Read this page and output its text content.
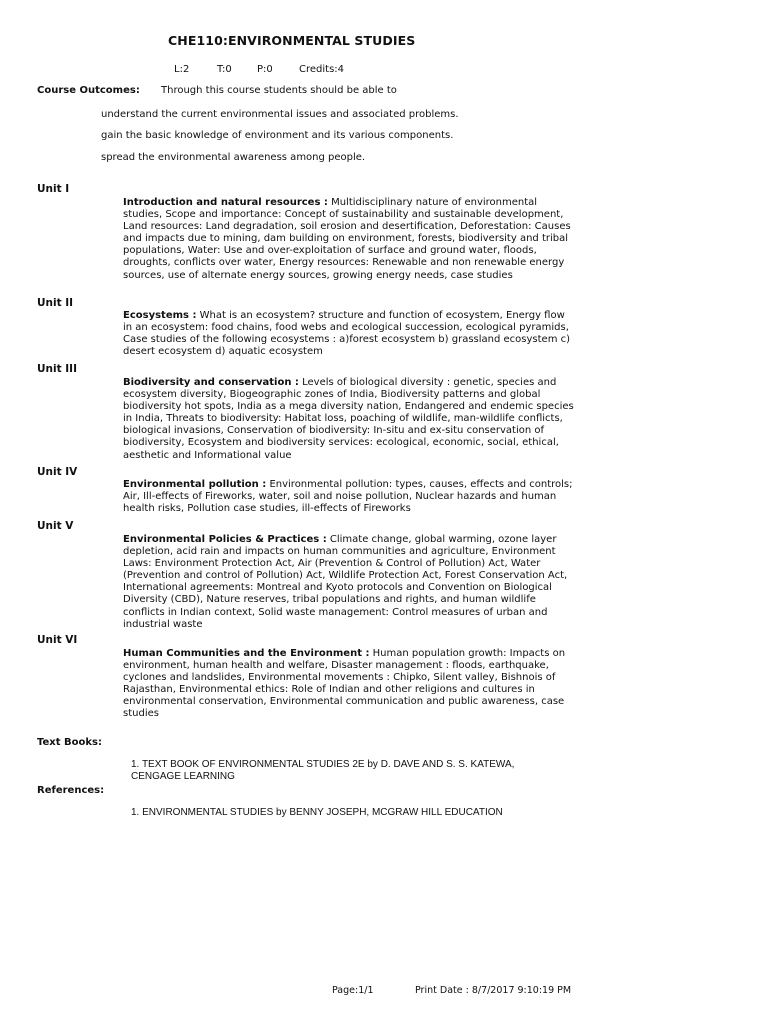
CHE110:ENVIRONMENTAL STUDIES
L:2	T:0	P:0	Credits:4
Course Outcomes: Through this course students should be able to
understand the current environmental issues and associated problems.
gain the basic knowledge of environment and its various components.
spread the environmental awareness among people.
Unit I
Introduction and natural resources : Multidisciplinary nature of environmental studies, Scope and importance: Concept of sustainability and sustainable development, Land resources: Land degradation, soil erosion and desertification, Deforestation: Causes and impacts due to mining, dam building on environment, forests, biodiversity and tribal populations, Water: Use and over-exploitation of surface and ground water, floods, droughts, conflicts over water, Energy resources: Renewable and non renewable energy sources, use of alternate energy sources, growing energy needs, case studies
Unit II
Ecosystems : What is an ecosystem? structure and function of ecosystem, Energy flow in an ecosystem: food chains, food webs and ecological succession, ecological pyramids, Case studies of the following ecosystems : a)forest ecosystem b) grassland ecosystem c) desert ecosystem d) aquatic ecosystem
Unit III
Biodiversity and conservation : Levels of biological diversity : genetic, species and ecosystem diversity, Biogeographic zones of India, Biodiversity patterns and global biodiversity hot spots, India as a mega diversity nation, Endangered and endemic species in India, Threats to biodiversity: Habitat loss, poaching of wildlife, man-wildlife conflicts, biological invasions, Conservation of biodiversity: In-situ and ex-situ conservation of biodiversity, Ecosystem and biodiversity services: ecological, economic, social, ethical, aesthetic and Informational value
Unit IV
Environmental pollution : Environmental pollution: types, causes, effects and controls; Air, Ill-effects of Fireworks, water, soil and noise pollution, Nuclear hazards and human health risks, Pollution case studies, ill-effects of Fireworks
Unit V
Environmental Policies & Practices : Climate change, global warming, ozone layer depletion, acid rain and impacts on human communities and agriculture, Environment Laws: Environment Protection Act, Air (Prevention & Control of Pollution) Act, Water (Prevention and control of Pollution) Act, Wildlife Protection Act, Forest Conservation Act, International agreements: Montreal and Kyoto protocols and Convention on Biological Diversity (CBD), Nature reserves, tribal populations and rights, and human wildlife conflicts in Indian context, Solid waste management: Control measures of urban and industrial waste
Unit VI
Human Communities and the Environment : Human population growth: Impacts on environment, human health and welfare, Disaster management : floods, earthquake, cyclones and landslides, Environmental movements : Chipko, Silent valley, Bishnois of Rajasthan, Environmental ethics: Role of Indian and other religions and cultures in environmental conservation, Environmental communication and public awareness, case studies
Text Books:
1. TEXT BOOK OF ENVIRONMENTAL STUDIES 2E by D. DAVE AND S. S. KATEWA, CENGAGE LEARNING
References:
1. ENVIRONMENTAL STUDIES by BENNY JOSEPH, MCGRAW HILL EDUCATION
Page:1/1	Print Date : 8/7/2017 9:10:19 PM
